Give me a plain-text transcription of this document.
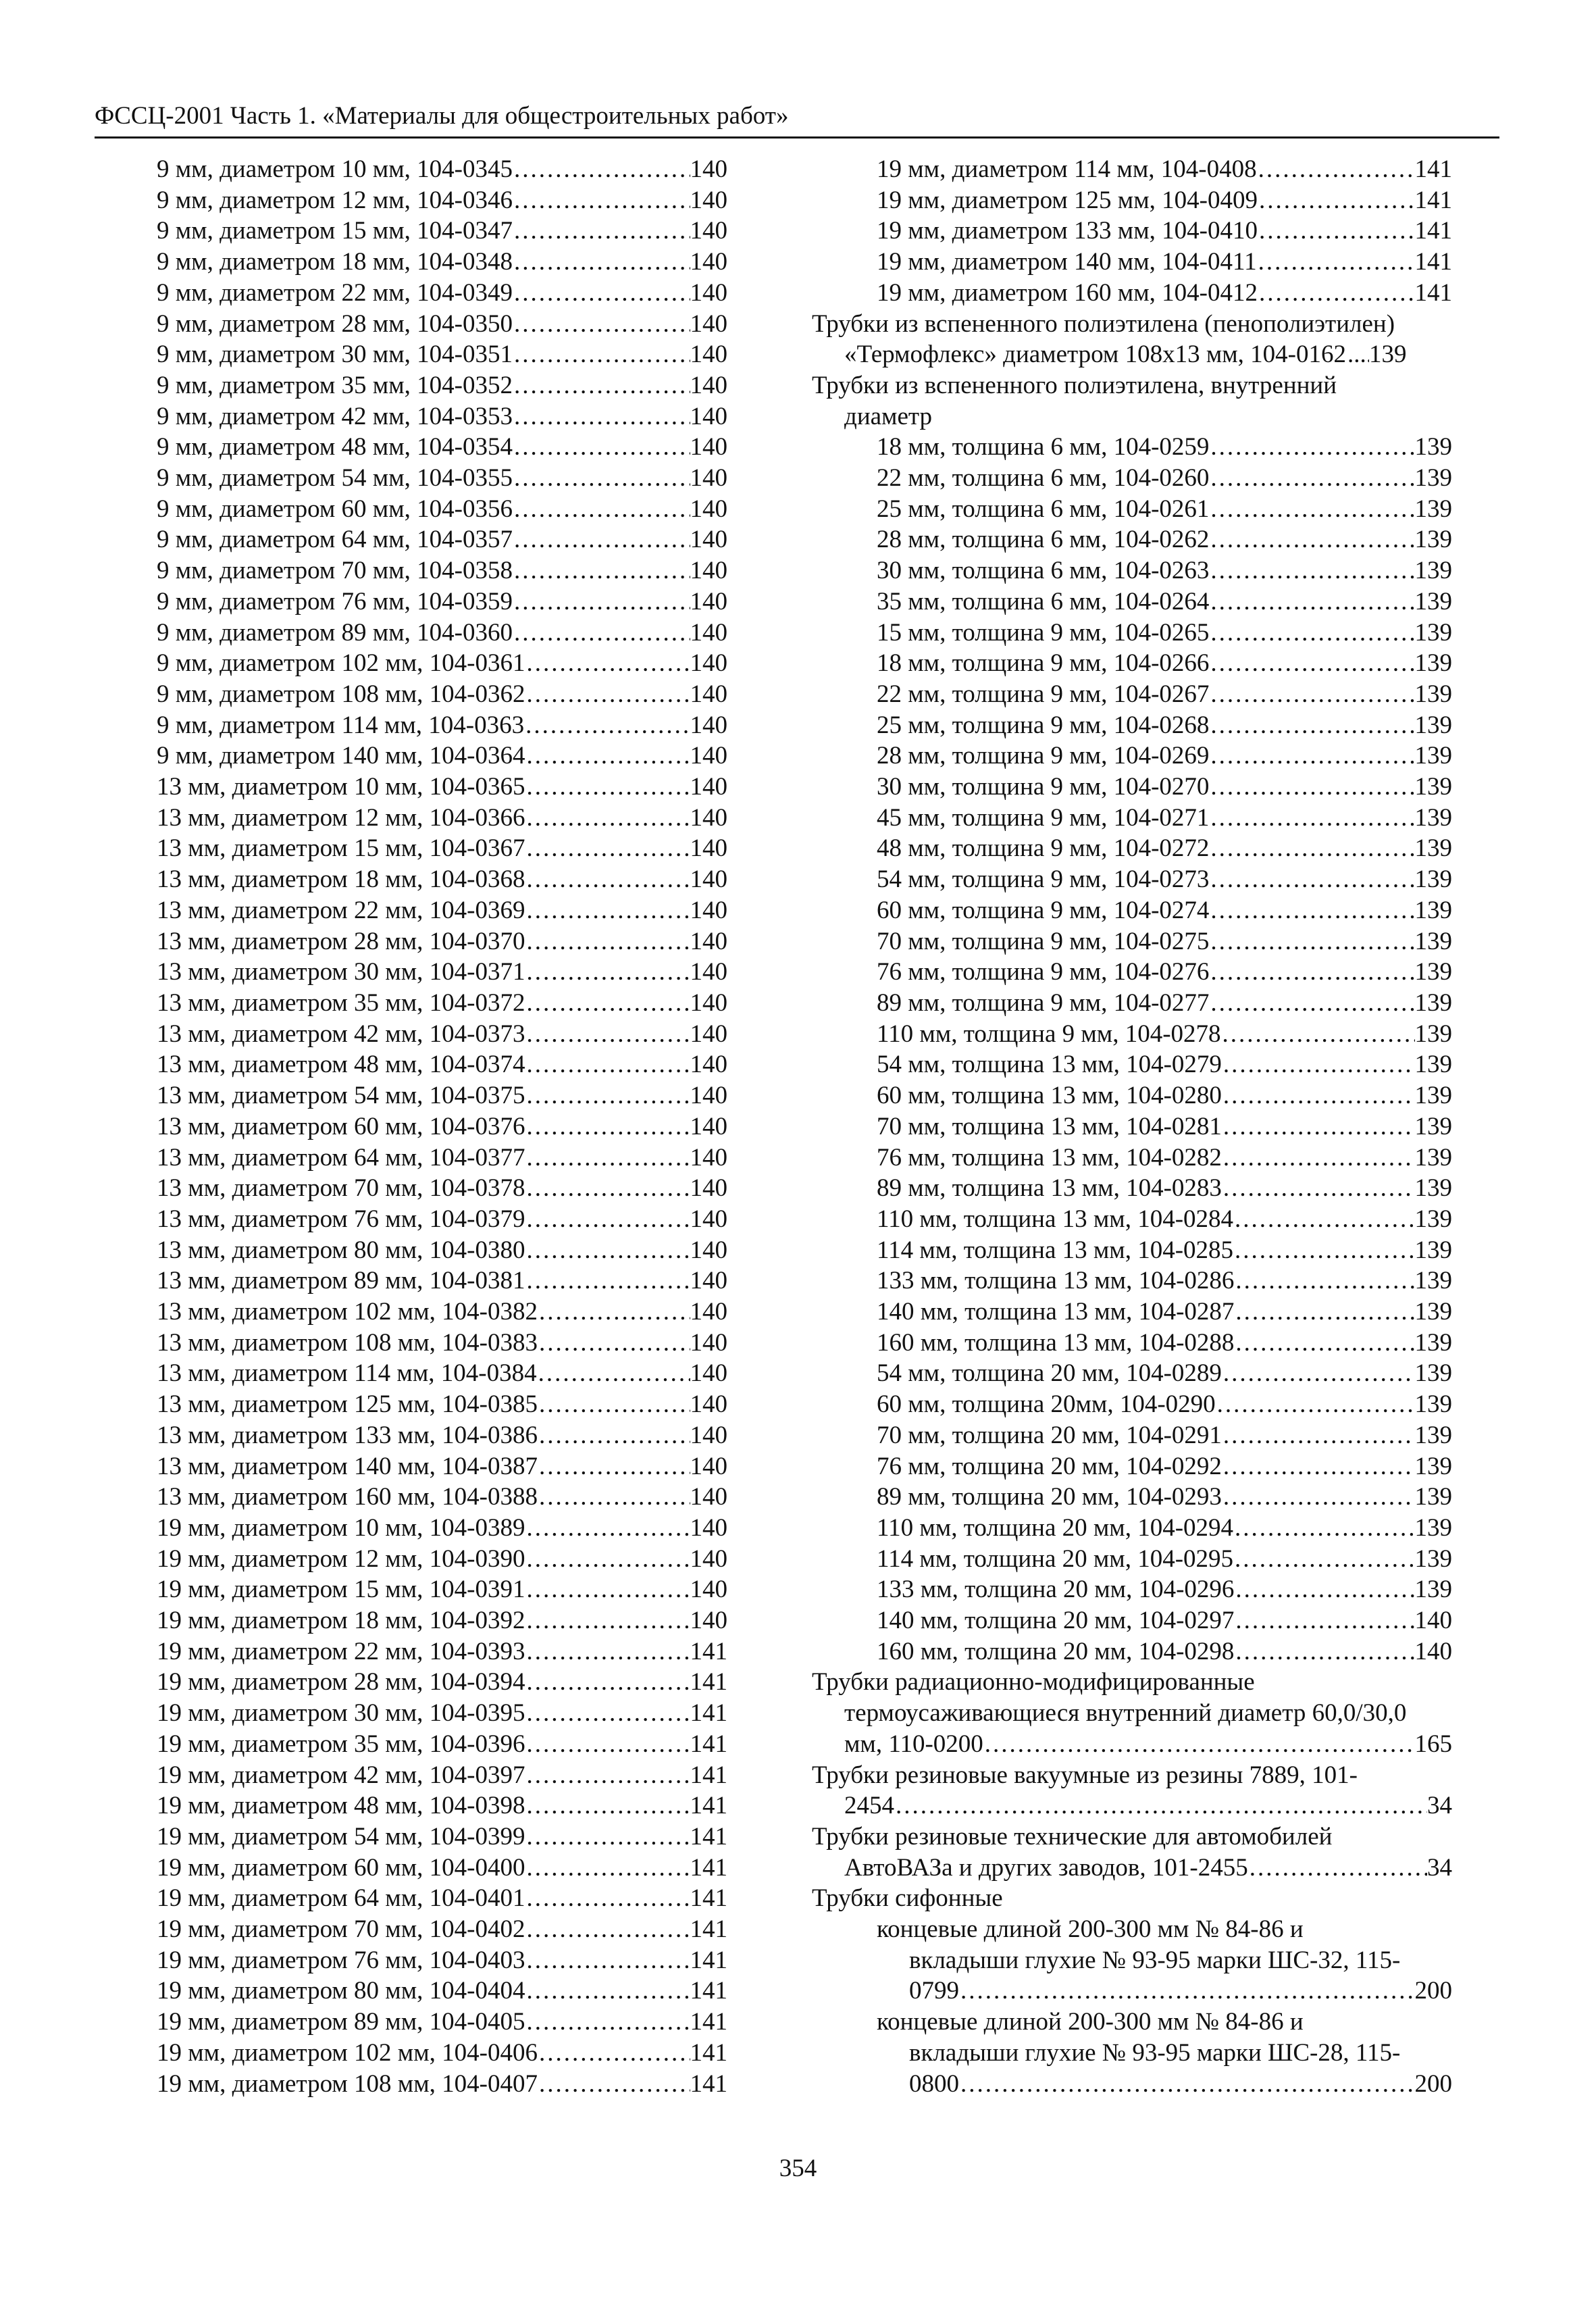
ФССЦ-2001 Часть 1. «Материалы для общестроительных работ»
9 мм, диаметром 10 мм, 104-0345 .....	140
9 мм, диаметром 12 мм, 104-0346 .....	140
9 мм, диаметром 15 мм, 104-0347 .....	140
9 мм, диаметром 18 мм, 104-0348 .....	140
9 мм, диаметром 22 мм, 104-0349 .....	140
9 мм, диаметром 28 мм, 104-0350 .....	140
9 мм, диаметром 30 мм, 104-0351 .....	140
9 мм, диаметром 35 мм, 104-0352 .....	140
9 мм, диаметром 42 мм, 104-0353 .....	140
9 мм, диаметром 48 мм, 104-0354 .....	140
9 мм, диаметром 54 мм, 104-0355 .....	140
9 мм, диаметром 60 мм, 104-0356 .....	140
9 мм, диаметром 64 мм, 104-0357 .....	140
9 мм, диаметром 70 мм, 104-0358 .....	140
9 мм, диаметром 76 мм, 104-0359 .....	140
9 мм, диаметром 89 мм, 104-0360 .....	140
9 мм, диаметром 102 мм, 104-0361 .....	140
9 мм, диаметром 108 мм, 104-0362 .....	140
9 мм, диаметром 114 мм, 104-0363 .....	140
9 мм, диаметром 140 мм, 104-0364 .....	140
13 мм, диаметром 10 мм, 104-0365 .....	140
13 мм, диаметром 12 мм, 104-0366 .....	140
13 мм, диаметром 15 мм, 104-0367 .....	140
13 мм, диаметром 18 мм, 104-0368 .....	140
13 мм, диаметром 22 мм, 104-0369 .....	140
13 мм, диаметром 28 мм, 104-0370 .....	140
13 мм, диаметром 30 мм, 104-0371 .....	140
13 мм, диаметром 35 мм, 104-0372 .....	140
13 мм, диаметром 42 мм, 104-0373 .....	140
13 мм, диаметром 48 мм, 104-0374 .....	140
13 мм, диаметром 54 мм, 104-0375 .....	140
13 мм, диаметром 60 мм, 104-0376 .....	140
13 мм, диаметром 64 мм, 104-0377 .....	140
13 мм, диаметром 70 мм, 104-0378 .....	140
13 мм, диаметром 76 мм, 104-0379 .....	140
13 мм, диаметром 80 мм, 104-0380 .....	140
13 мм, диаметром 89 мм, 104-0381 .....	140
13 мм, диаметром 102 мм, 104-0382 .....	140
13 мм, диаметром 108 мм, 104-0383 .....	140
13 мм, диаметром 114 мм, 104-0384 .....	140
13 мм, диаметром 125 мм, 104-0385 .....	140
13 мм, диаметром 133 мм, 104-0386 .....	140
13 мм, диаметром 140 мм, 104-0387 .....	140
13 мм, диаметром 160 мм, 104-0388 .....	140
19 мм, диаметром 10 мм, 104-0389 .....	140
19 мм, диаметром 12 мм, 104-0390 .....	140
19 мм, диаметром 15 мм, 104-0391 .....	140
19 мм, диаметром 18 мм, 104-0392 .....	140
19 мм, диаметром 22 мм, 104-0393 .....	141
19 мм, диаметром 28 мм, 104-0394 .....	141
19 мм, диаметром 30 мм, 104-0395 .....	141
19 мм, диаметром 35 мм, 104-0396 .....	141
19 мм, диаметром 42 мм, 104-0397 .....	141
19 мм, диаметром 48 мм, 104-0398 .....	141
19 мм, диаметром 54 мм, 104-0399 .....	141
19 мм, диаметром 60 мм, 104-0400 .....	141
19 мм, диаметром 64 мм, 104-0401 .....	141
19 мм, диаметром 70 мм, 104-0402 .....	141
19 мм, диаметром 76 мм, 104-0403 .....	141
19 мм, диаметром 80 мм, 104-0404 .....	141
19 мм, диаметром 89 мм, 104-0405 .....	141
19 мм, диаметром 102 мм, 104-0406 .....	141
19 мм, диаметром 108 мм, 104-0407 .....	141
19 мм, диаметром 114 мм, 104-0408 .....	141
19 мм, диаметром 125 мм, 104-0409 .....	141
19 мм, диаметром 133 мм, 104-0410 .....	141
19 мм, диаметром 140 мм, 104-0411 .....	141
19 мм, диаметром 160 мм, 104-0412 .....	141
Трубки из вспененного полиэтилена (пенополиэтилен)
«Термофлекс» диаметром 108х13 мм, 104-0162 ..... 139
Трубки из вспененного полиэтилена, внутренний
диаметр
18 мм, толщина 6 мм, 104-0259 .....	139
22 мм, толщина 6 мм, 104-0260 .....	139
25 мм, толщина 6 мм, 104-0261 .....	139
28 мм, толщина 6 мм, 104-0262 .....	139
30 мм, толщина 6 мм, 104-0263 .....	139
35 мм, толщина 6 мм, 104-0264 .....	139
15 мм, толщина 9 мм, 104-0265 .....	139
18 мм, толщина 9 мм, 104-0266 .....	139
22 мм, толщина 9 мм, 104-0267 .....	139
25 мм, толщина 9 мм, 104-0268 .....	139
28 мм, толщина 9 мм, 104-0269 .....	139
30 мм, толщина 9 мм, 104-0270 .....	139
45 мм, толщина 9 мм, 104-0271 .....	139
48 мм, толщина 9 мм, 104-0272 .....	139
54 мм, толщина 9 мм, 104-0273 .....	139
60 мм, толщина 9 мм, 104-0274 .....	139
70 мм, толщина 9 мм, 104-0275 .....	139
76 мм, толщина 9 мм, 104-0276 .....	139
89 мм, толщина 9 мм, 104-0277 .....	139
110 мм, толщина 9 мм, 104-0278 .....	139
54 мм, толщина 13 мм, 104-0279 .....	139
60 мм, толщина 13 мм, 104-0280 .....	139
70 мм, толщина 13 мм, 104-0281 .....	139
76 мм, толщина 13 мм, 104-0282 .....	139
89 мм, толщина 13 мм, 104-0283 .....	139
110 мм, толщина 13 мм, 104-0284 .....	139
114 мм, толщина 13 мм, 104-0285 .....	139
133 мм, толщина 13 мм, 104-0286 .....	139
140 мм, толщина 13 мм, 104-0287 .....	139
160 мм, толщина 13 мм, 104-0288 .....	139
54 мм, толщина 20 мм, 104-0289 .....	139
60 мм, толщина 20мм, 104-0290 .....	139
70 мм, толщина 20 мм, 104-0291 .....	139
76 мм, толщина 20 мм, 104-0292 .....	139
89 мм, толщина 20 мм, 104-0293 .....	139
110 мм, толщина 20 мм, 104-0294 .....	139
114 мм, толщина 20 мм, 104-0295 .....	139
133 мм, толщина 20 мм, 104-0296 .....	139
140 мм, толщина 20 мм, 104-0297 .....	140
160 мм, толщина 20 мм, 104-0298 .....	140
Трубки радиационно-модифицированные
термоусаживающиеся внутренний диаметр 60,0/30,0
мм, 110-0200 .....	165
Трубки резиновые вакуумные из резины 7889, 101-
2454 .....	34
Трубки резиновые технические для автомобилей
АвтоВАЗа и других заводов, 101-2455 .....	34
Трубки сифонные
концевые длиной 200-300 мм № 84-86 и
вкладыши глухие № 93-95 марки ШС-32, 115-
0799 .....	200
концевые длиной 200-300 мм № 84-86 и
вкладыши глухие № 93-95 марки ШС-28, 115-
0800 .....	200
354
